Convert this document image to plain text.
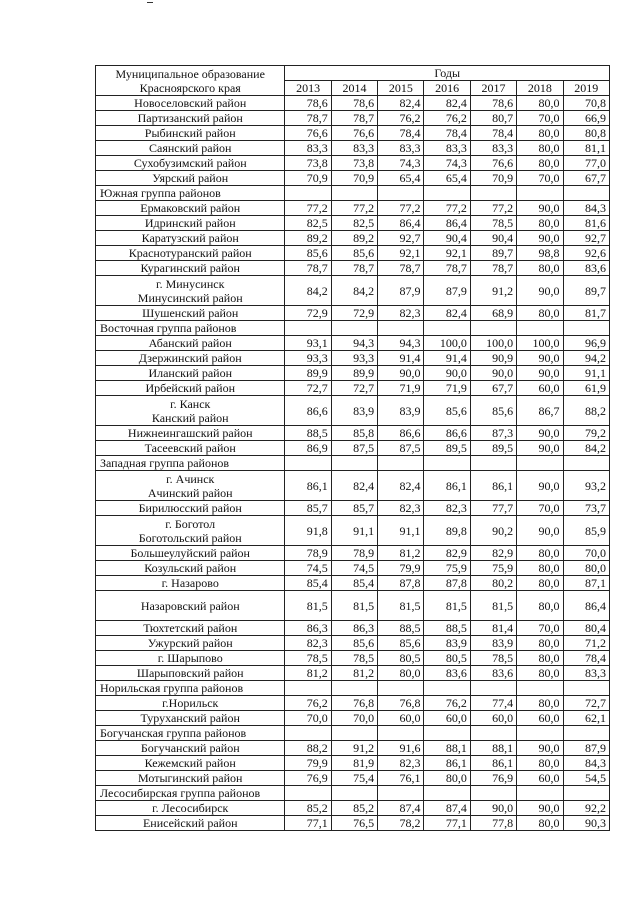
Муниципальное образование
Красноярского края	Годы						
	2013	2014	2015	2016	2017	2018	2019
Новоселовский район	78,6	78,6	82,4	82,4	78,6	80,0	70,8
Партизанский район	78,7	78,7	76,2	76,2	80,7	70,0	66,9
Рыбинский район	76,6	76,6	78,4	78,4	78,4	80,0	80,8
Саянский район	83,3	83,3	83,3	83,3	83,3	80,0	81,1
Сухобузимский район	73,8	73,8	74,3	74,3	76,6	80,0	77,0
Уярский район	70,9	70,9	65,4	65,4	70,9	70,0	67,7
Южная группа районов							
Ермаковский район	77,2	77,2	77,2	77,2	77,2	90,0	84,3
Идринский район	82,5	82,5	86,4	86,4	78,5	80,0	81,6
Каратузский район	89,2	89,2	92,7	90,4	90,4	90,0	92,7
Краснотуранский район	85,6	85,6	92,1	92,1	89,7	98,8	92,6
Курагинский район	78,7	78,7	78,7	78,7	78,7	80,0	83,6
г. Минусинск
Минусинский район	84,2	84,2	87,9	87,9	91,2	90,0	89,7
Шушенский район	72,9	72,9	82,3	82,4	68,9	80,0	81,7
Восточная группа районов							
Абанский район	93,1	94,3	94,3	100,0	100,0	100,0	96,9
Дзержинский район	93,3	93,3	91,4	91,4	90,9	90,0	94,2
Иланский район	89,9	89,9	90,0	90,0	90,0	90,0	91,1
Ирбейский район	72,7	72,7	71,9	71,9	67,7	60,0	61,9
г. Канск
Канский район	86,6	83,9	83,9	85,6	85,6	86,7	88,2
Нижнеингашский район	88,5	85,8	86,6	86,6	87,3	90,0	79,2
Тасеевский район	86,9	87,5	87,5	89,5	89,5	90,0	84,2
Западная группа районов							
г. Ачинск
Ачинский район	86,1	82,4	82,4	86,1	86,1	90,0	93,2
Бирилюсский район	85,7	85,7	82,3	82,3	77,7	70,0	73,7
г. Боготол
Боготольский район	91,8	91,1	91,1	89,8	90,2	90,0	85,9
Большеулуйский район	78,9	78,9	81,2	82,9	82,9	80,0	70,0
Козульский район	74,5	74,5	79,9	75,9	75,9	80,0	80,0
г. Назарово	85,4	85,4	87,8	87,8	80,2	80,0	87,1
Назаровский район	81,5	81,5	81,5	81,5	81,5	80,0	86,4
Тюхтетский район	86,3	86,3	88,5	88,5	81,4	70,0	80,4
Ужурский район	82,3	85,6	85,6	83,9	83,9	80,0	71,2
г. Шарыпово	78,5	78,5	80,5	80,5	78,5	80,0	78,4
Шарыповский район	81,2	81,2	80,0	83,6	83,6	80,0	83,3
Норильская группа районов							
г.Норильск	76,2	76,8	76,8	76,2	77,4	80,0	72,7
Туруханский район	70,0	70,0	60,0	60,0	60,0	60,0	62,1
Богучанская группа районов							
Богучанский район	88,2	91,2	91,6	88,1	88,1	90,0	87,9
Кежемский район	79,9	81,9	82,3	86,1	86,1	80,0	84,3
Мотыгинский район	76,9	75,4	76,1	80,0	76,9	60,0	54,5
Лесосибирская группа районов							
г. Лесосибирск	85,2	85,2	87,4	87,4	90,0	90,0	92,2
Енисейский район	77,1	76,5	78,2	77,1	77,8	80,0	90,3
